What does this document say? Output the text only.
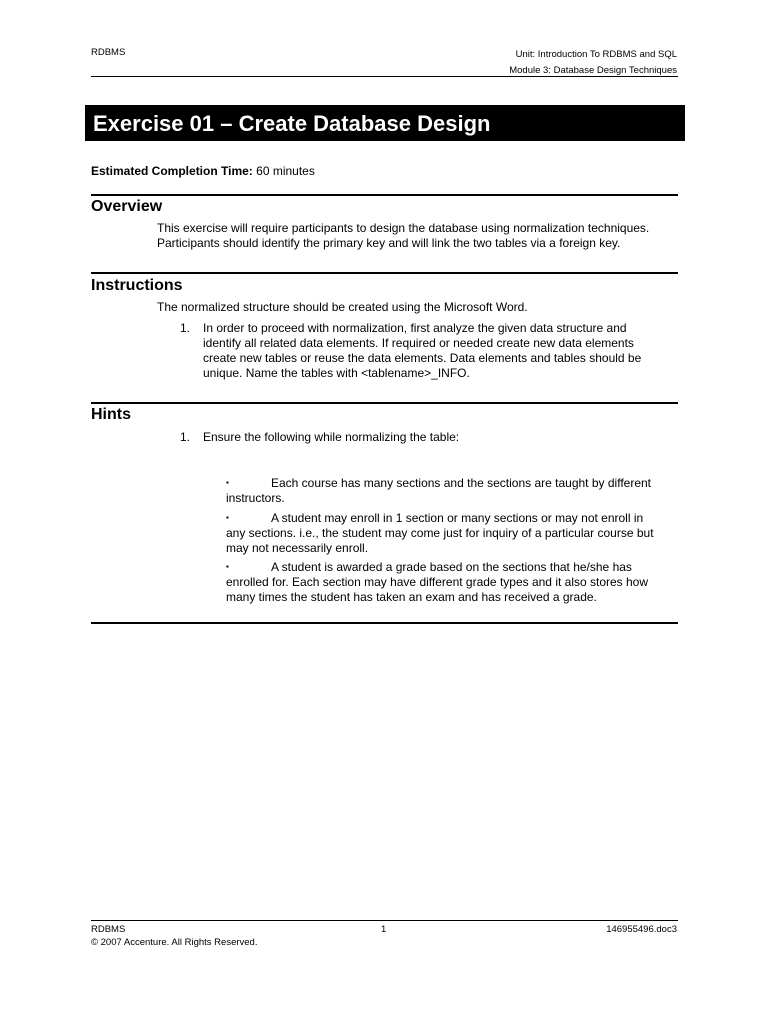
RDBMS	Unit: Introduction To RDBMS and SQL
Module 3: Database Design Techniques
Exercise 01 – Create Database Design
Estimated Completion Time: 60 minutes
Overview
This exercise will require participants to design the database using normalization techniques.
Participants should identify the primary key and will link the two tables via a foreign key.
Instructions
The normalized structure should be created using the Microsoft Word.
1. In order to proceed with normalization, first analyze the given data structure and
identify all related data elements. If required or needed create new data elements
create new tables or reuse the data elements. Data elements and tables should be
unique. Name the tables with <tablename>_INFO.
Hints
1. Ensure the following while normalizing the table:
▪	Each course has many sections and the sections are taught by different
instructors.
▪	A student may enroll in 1 section or many sections or may not enroll in
any sections. i.e., the student may come just for inquiry of a particular course but
may not necessarily enroll.
▪	A student is awarded a grade based on the sections that he/she has
enrolled for. Each section may have different grade types and it also stores how
many times the student has taken an exam and has received a grade.
RDBMS	1	146955496.doc3
© 2007 Accenture. All Rights Reserved.
